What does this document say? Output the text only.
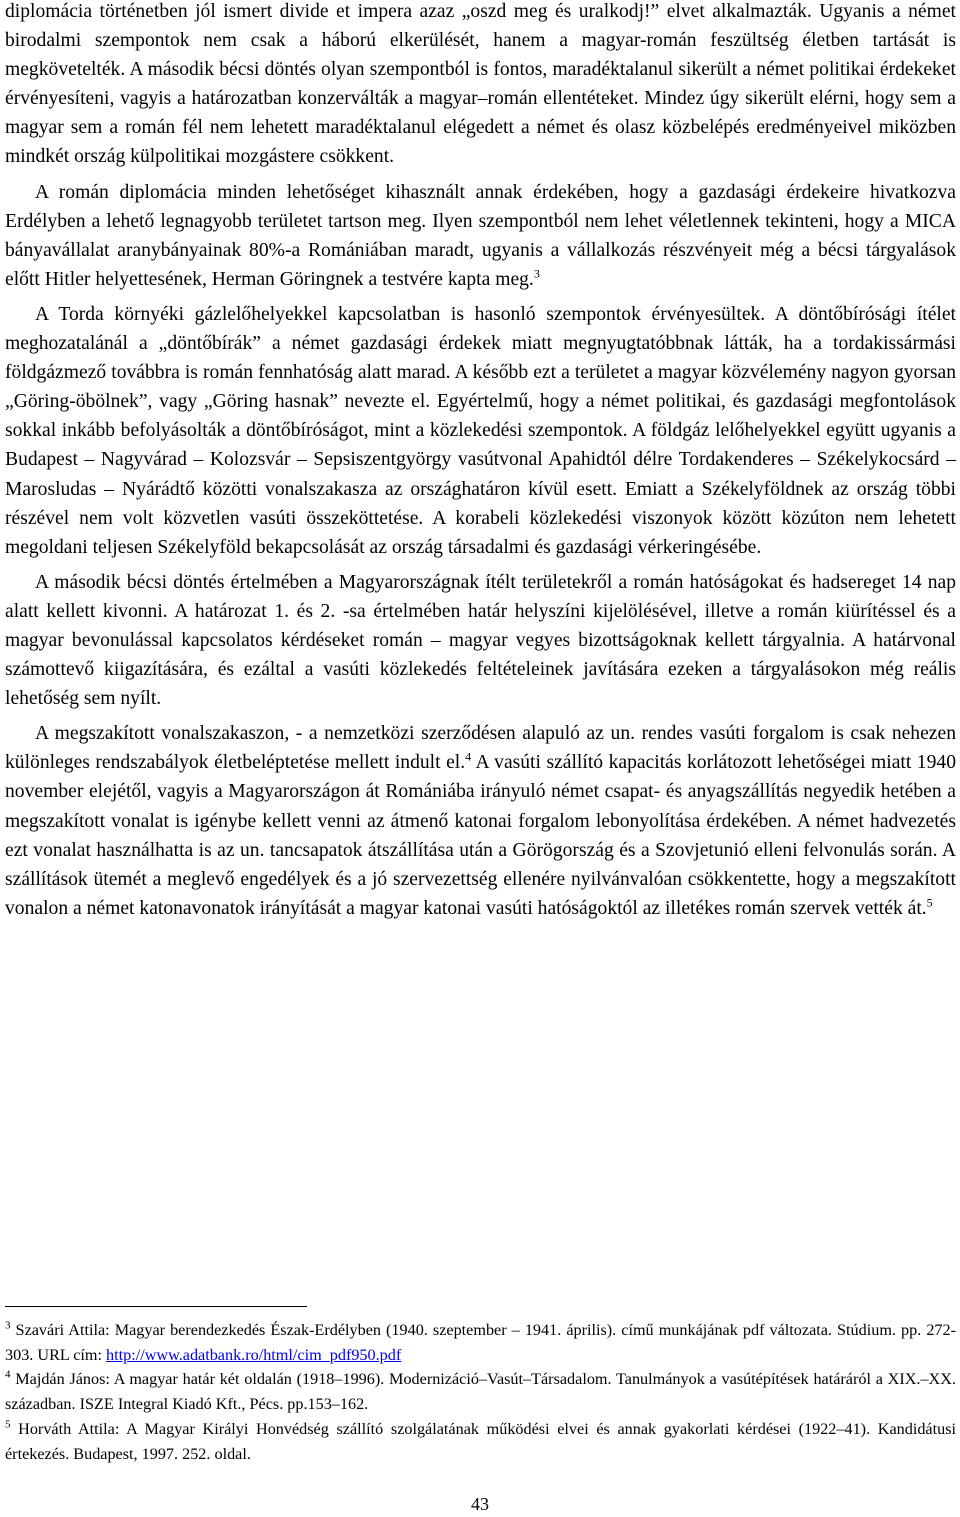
diplomácia történetben jól ismert divide et impera azaz „oszd meg és uralkodj!” elvet alkalmazták. Ugyanis a német birodalmi szempontok nem csak a háború elkerülését, hanem a magyar-román feszültség életben tartását is megkövetelték. A második bécsi döntés olyan szempontból is fontos, maradéktalanul sikerült a német politikai érdekeket érvényesíteni, vagyis a határozatban konzerválták a magyar–román ellentéteket. Mindez úgy sikerült elérni, hogy sem a magyar sem a román fél nem lehetett maradéktalanul elégedett a német és olasz közbelépés eredményeivel miközben mindkét ország külpolitikai mozgástere csökkent.

A román diplomácia minden lehetőséget kihasznált annak érdekében, hogy a gazdasági érdekeire hivatkozva Erdélyben a lehető legnagyobb területet tartson meg. Ilyen szempontból nem lehet véletlennek tekinteni, hogy a MICA bányavállalat aranybányainak 80%-a Romániában maradt, ugyanis a vállalkozás részvényeit még a bécsi tárgyalások előtt Hitler helyettesének, Herman Göringnek a testvére kapta meg.$^3$

A Torda környéki gázlelőhelyekkel kapcsolatban is hasonló szempontok érvényesültek. A döntőbírósági ítélet meghozatalánál a „döntőbírák” a német gazdasági érdekek miatt megnyugtatóbbnak látták, ha a tordakissármási földgázmező továbbra is román fennhatóság alatt marad. A később ezt a területet a magyar közvélemény nagyon gyorsan „Göring-öbölnek”, vagy „Göring hasnak” nevezte el. Egyértelmű, hogy a német politikai, és gazdasági megfontolások sokkal inkább befolyásolták a döntőbíróságot, mint a közlekedési szempontok. A földgáz lelőhelyekkel együtt ugyanis a Budapest – Nagyvárad – Kolozsvár – Sepsiszentgyörgy vasútvonal Apahidtól délre Tordakenderes – Székelykocsárd –Marosludas – Nyárádtő közötti vonalszakasza az országhatáron kívül esett. Emiatt a Székelyföldnek az ország többi részével nem volt közvetlen vasúti összeköttetése. A korabeli közlekedési viszonyok között közúton nem lehetett megoldani teljesen Székelyföld bekapcsolását az ország társadalmi és gazdasági vérkeringésébe.

A második bécsi döntés értelmében a Magyarországnak ítélt területekről a román hatóságokat és hadsereget 14 nap alatt kellett kivonni. A határozat 1. és 2. -sa értelmében határ helyszíni kijelölésével, illetve a román kiürítéssel és a magyar bevonulással kapcsolatos kérdéseket román – magyar vegyes bizottságoknak kellett tárgyalnia. A határvonal számottevő kiigazítására, és ezáltal a vasúti közlekedés feltételeinek javítására ezeken a tárgyalásokon még reális lehetőség sem nyílt.

A megszakított vonalszakaszon, - a nemzetközi szerződésen alapuló az un. rendes vasúti forgalom is csak nehezen különleges rendszabályok életbeléptetése mellett indult el.$^4$ A vasúti szállító kapacitás korlátozott lehetőségei miatt 1940 november elejétől, vagyis a Magyarországon át Romániába irányuló német csapat- és anyagszállítás negyedik hetében a megszakított vonalat is igénybe kellett venni az átmenő katonai forgalom lebonyolítása érdekében. A német hadvezetés ezt vonalat használhatta is az un. tancsapatok átszállítása után a Görögország és a Szovjetunió elleni felvonulás során. A szállítások ütemét a meglevő engedélyek és a jó szervezettség ellenére nyilvánvalóan csökkentette, hogy a megszakított vonalon a német katonavonatok irányítását a magyar katonai vasúti hatóságoktól az illetékes román szervek vették át.$^5$

$^3$ Szavári Attila: Magyar berendezkedés Észak-Erdélyben (1940. szeptember – 1941. április). című munkájának pdf változata. Stúdium. pp. 272-303. URL cím: http://www.adatbank.ro/html/cim_pdf950.pdf

$^4$ Majdán János: A magyar határ két oldalán (1918–1996). Modernizáció–Vasút–Társadalom. Tanulmányok a vasútépítések határáról a XIX.–XX. században. ISZE Integral Kiadó Kft., Pécs. pp.153–162.

$^5$ Horváth Attila: A Magyar Királyi Honvédség szállító szolgálatának működési elvei és annak gyakorlati kérdései (1922–41). Kandidátusi értekezés. Budapest, 1997. 252. oldal.

43
